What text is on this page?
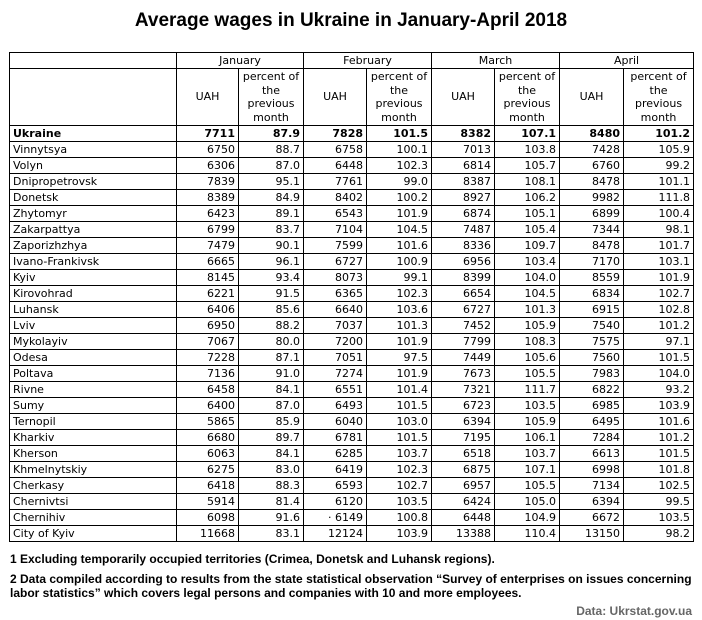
Average wages in Ukraine in January-April 2018
	January		February		March		April	
	UAH	percent of the previous month	UAH	percent of the previous month	UAH	percent of the previous month	UAH	percent of the previous month
Ukraine	7711	87.9	7828	101.5	8382	107.1	8480	101.2
Vinnytsya	6750	88.7	6758	100.1	7013	103.8	7428	105.9
Volyn	6306	87.0	6448	102.3	6814	105.7	6760	99.2
Dnipropetrovsk	7839	95.1	7761	99.0	8387	108.1	8478	101.1
Donetsk	8389	84.9	8402	100.2	8927	106.2	9982	111.8
Zhytomyr	6423	89.1	6543	101.9	6874	105.1	6899	100.4
Zakarpattya	6799	83.7	7104	104.5	7487	105.4	7344	98.1
Zaporizhzhya	7479	90.1	7599	101.6	8336	109.7	8478	101.7
Ivano-Frankivsk	6665	96.1	6727	100.9	6956	103.4	7170	103.1
Kyiv	8145	93.4	8073	99.1	8399	104.0	8559	101.9
Kirovohrad	6221	91.5	6365	102.3	6654	104.5	6834	102.7
Luhansk	6406	85.6	6640	103.6	6727	101.3	6915	102.8
Lviv	6950	88.2	7037	101.3	7452	105.9	7540	101.2
Mykolayiv	7067	80.0	7200	101.9	7799	108.3	7575	97.1
Odesa	7228	87.1	7051	97.5	7449	105.6	7560	101.5
Poltava	7136	91.0	7274	101.9	7673	105.5	7983	104.0
Rivne	6458	84.1	6551	101.4	7321	111.7	6822	93.2
Sumy	6400	87.0	6493	101.5	6723	103.5	6985	103.9
Ternopil	5865	85.9	6040	103.0	6394	105.9	6495	101.6
Kharkiv	6680	89.7	6781	101.5	7195	106.1	7284	101.2
Kherson	6063	84.1	6285	103.7	6518	103.7	6613	101.5
Khmelnytskiy	6275	83.0	6419	102.3	6875	107.1	6998	101.8
Cherkasy	6418	88.3	6593	102.7	6957	105.5	7134	102.5
Chernivtsi	5914	81.4	6120	103.5	6424	105.0	6394	99.5
Chernihiv	6098	91.6	· 6149	100.8	6448	104.9	6672	103.5
City of Kyiv	11668	83.1	12124	103.9	13388	110.4	13150	98.2
1 Excluding temporarily occupied territories (Crimea, Donetsk and Luhansk regions).
2 Data compiled according to results from the state statistical observation “Survey of enterprises on issues concerning labor statistics” which covers legal persons and companies with 10 and more employees.
Data: Ukrstat.gov.ua
